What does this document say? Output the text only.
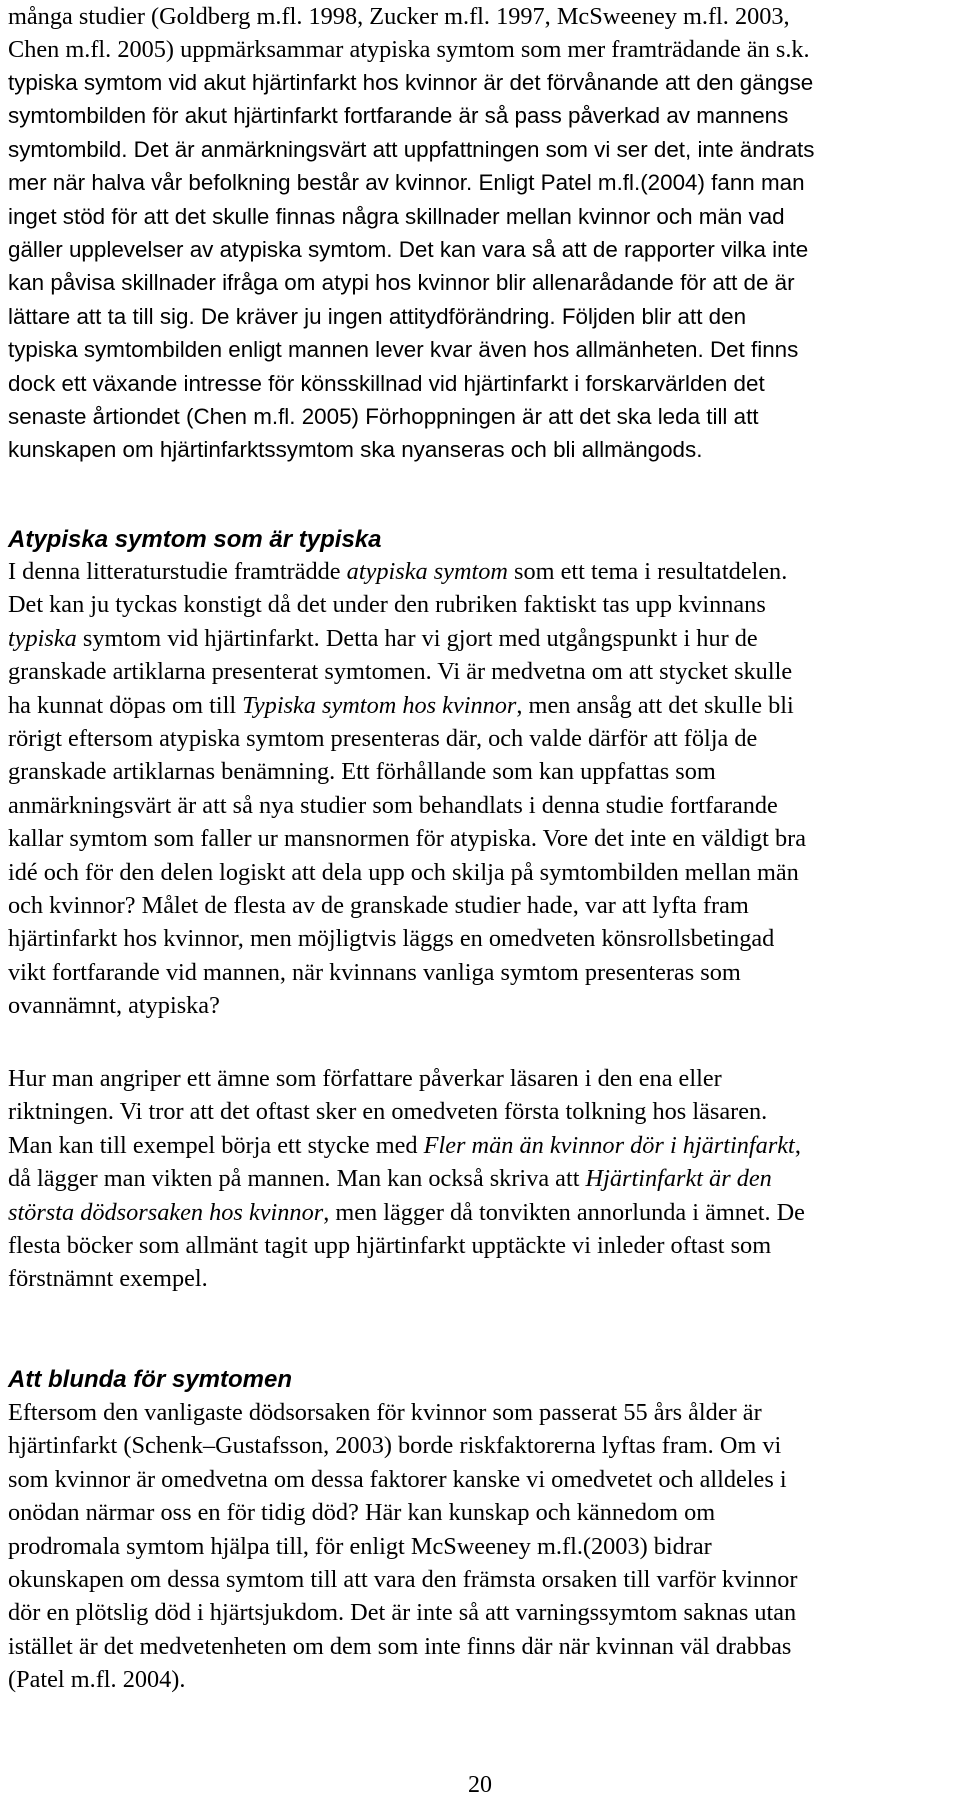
många studier (Goldberg m.fl. 1998, Zucker m.fl. 1997, McSweeney m.fl. 2003,
Chen m.fl. 2005) uppmärksammar atypiska symtom som mer framträdande än s.k.
typiska symtom vid akut hjärtinfarkt hos kvinnor är det förvånande att den gängse
symtombilden för akut hjärtinfarkt fortfarande är så pass påverkad av mannens
symtombild. Det är anmärkningsvärt att uppfattningen som vi ser det, inte ändrats
mer när halva vår befolkning består av kvinnor. Enligt Patel m.fl.(2004) fann man
inget stöd för att det skulle finnas några skillnader mellan kvinnor och män vad
gäller upplevelser av atypiska symtom. Det kan vara så att de rapporter vilka inte
kan påvisa skillnader ifråga om atypi hos kvinnor blir allenarådande för att de är
lättare att ta till sig. De kräver ju ingen attitydförändring. Följden blir att den
typiska symtombilden enligt mannen lever kvar även hos allmänheten. Det finns
dock ett växande intresse för könsskillnad vid hjärtinfarkt i forskarvärlden det
senaste årtiondet (Chen m.fl. 2005) Förhoppningen är att det ska leda till att
kunskapen om hjärtinfarktssymtom ska nyanseras och bli allmängods.
Atypiska symtom som är typiska
I denna litteraturstudie framträdde atypiska symtom som ett tema i resultatdelen.
Det kan ju tyckas konstigt då det under den rubriken faktiskt tas upp kvinnans
typiska symtom vid hjärtinfarkt. Detta har vi gjort med utgångspunkt i hur de
granskade artiklarna presenterat symtomen. Vi är medvetna om att stycket skulle
ha kunnat döpas om till Typiska symtom hos kvinnor, men ansåg att det skulle bli
rörigt eftersom atypiska symtom presenteras där, och valde därför att följa de
granskade artiklarnas benämning. Ett förhållande som kan uppfattas som
anmärkningsvärt är att så nya studier som behandlats i denna studie fortfarande
kallar symtom som faller ur mansnormen för atypiska. Vore det inte en väldigt bra
idé och för den delen logiskt att dela upp och skilja på symtombilden mellan män
och kvinnor? Målet de flesta av de granskade studier hade, var att lyfta fram
hjärtinfarkt hos kvinnor, men möjligtvis läggs en omedveten könsrollsbetingad
vikt fortfarande vid mannen, när kvinnans vanliga symtom presenteras som
ovannämnt, atypiska?
Hur man angriper ett ämne som författare påverkar läsaren i den ena eller
riktningen. Vi tror att det oftast sker en omedveten första tolkning hos läsaren.
Man kan till exempel börja ett stycke med Fler män än kvinnor dör i hjärtinfarkt,
då lägger man vikten på mannen. Man kan också skriva att Hjärtinfarkt är den
största dödsorsaken hos kvinnor, men lägger då tonvikten annorlunda i ämnet. De
flesta böcker som allmänt tagit upp hjärtinfarkt upptäckte vi inleder oftast som
förstnämnt exempel.
Att blunda för symtomen
Eftersom den vanligaste dödsorsaken för kvinnor som passerat 55 års ålder är
hjärtinfarkt (Schenk–Gustafsson, 2003) borde riskfaktorerna lyftas fram. Om vi
som kvinnor är omedvetna om dessa faktorer kanske vi omedvetet och alldeles i
onödan närmar oss en för tidig död? Här kan kunskap och kännedom om
prodromala symtom hjälpa till, för enligt McSweeney m.fl.(2003) bidrar
okunskapen om dessa symtom till att vara den främsta orsaken till varför kvinnor
dör en plötslig död i hjärtsjukdom. Det är inte så att varningssymtom saknas utan
istället är det medvetenheten om dem som inte finns där när kvinnan väl drabbas
(Patel m.fl. 2004).
20
